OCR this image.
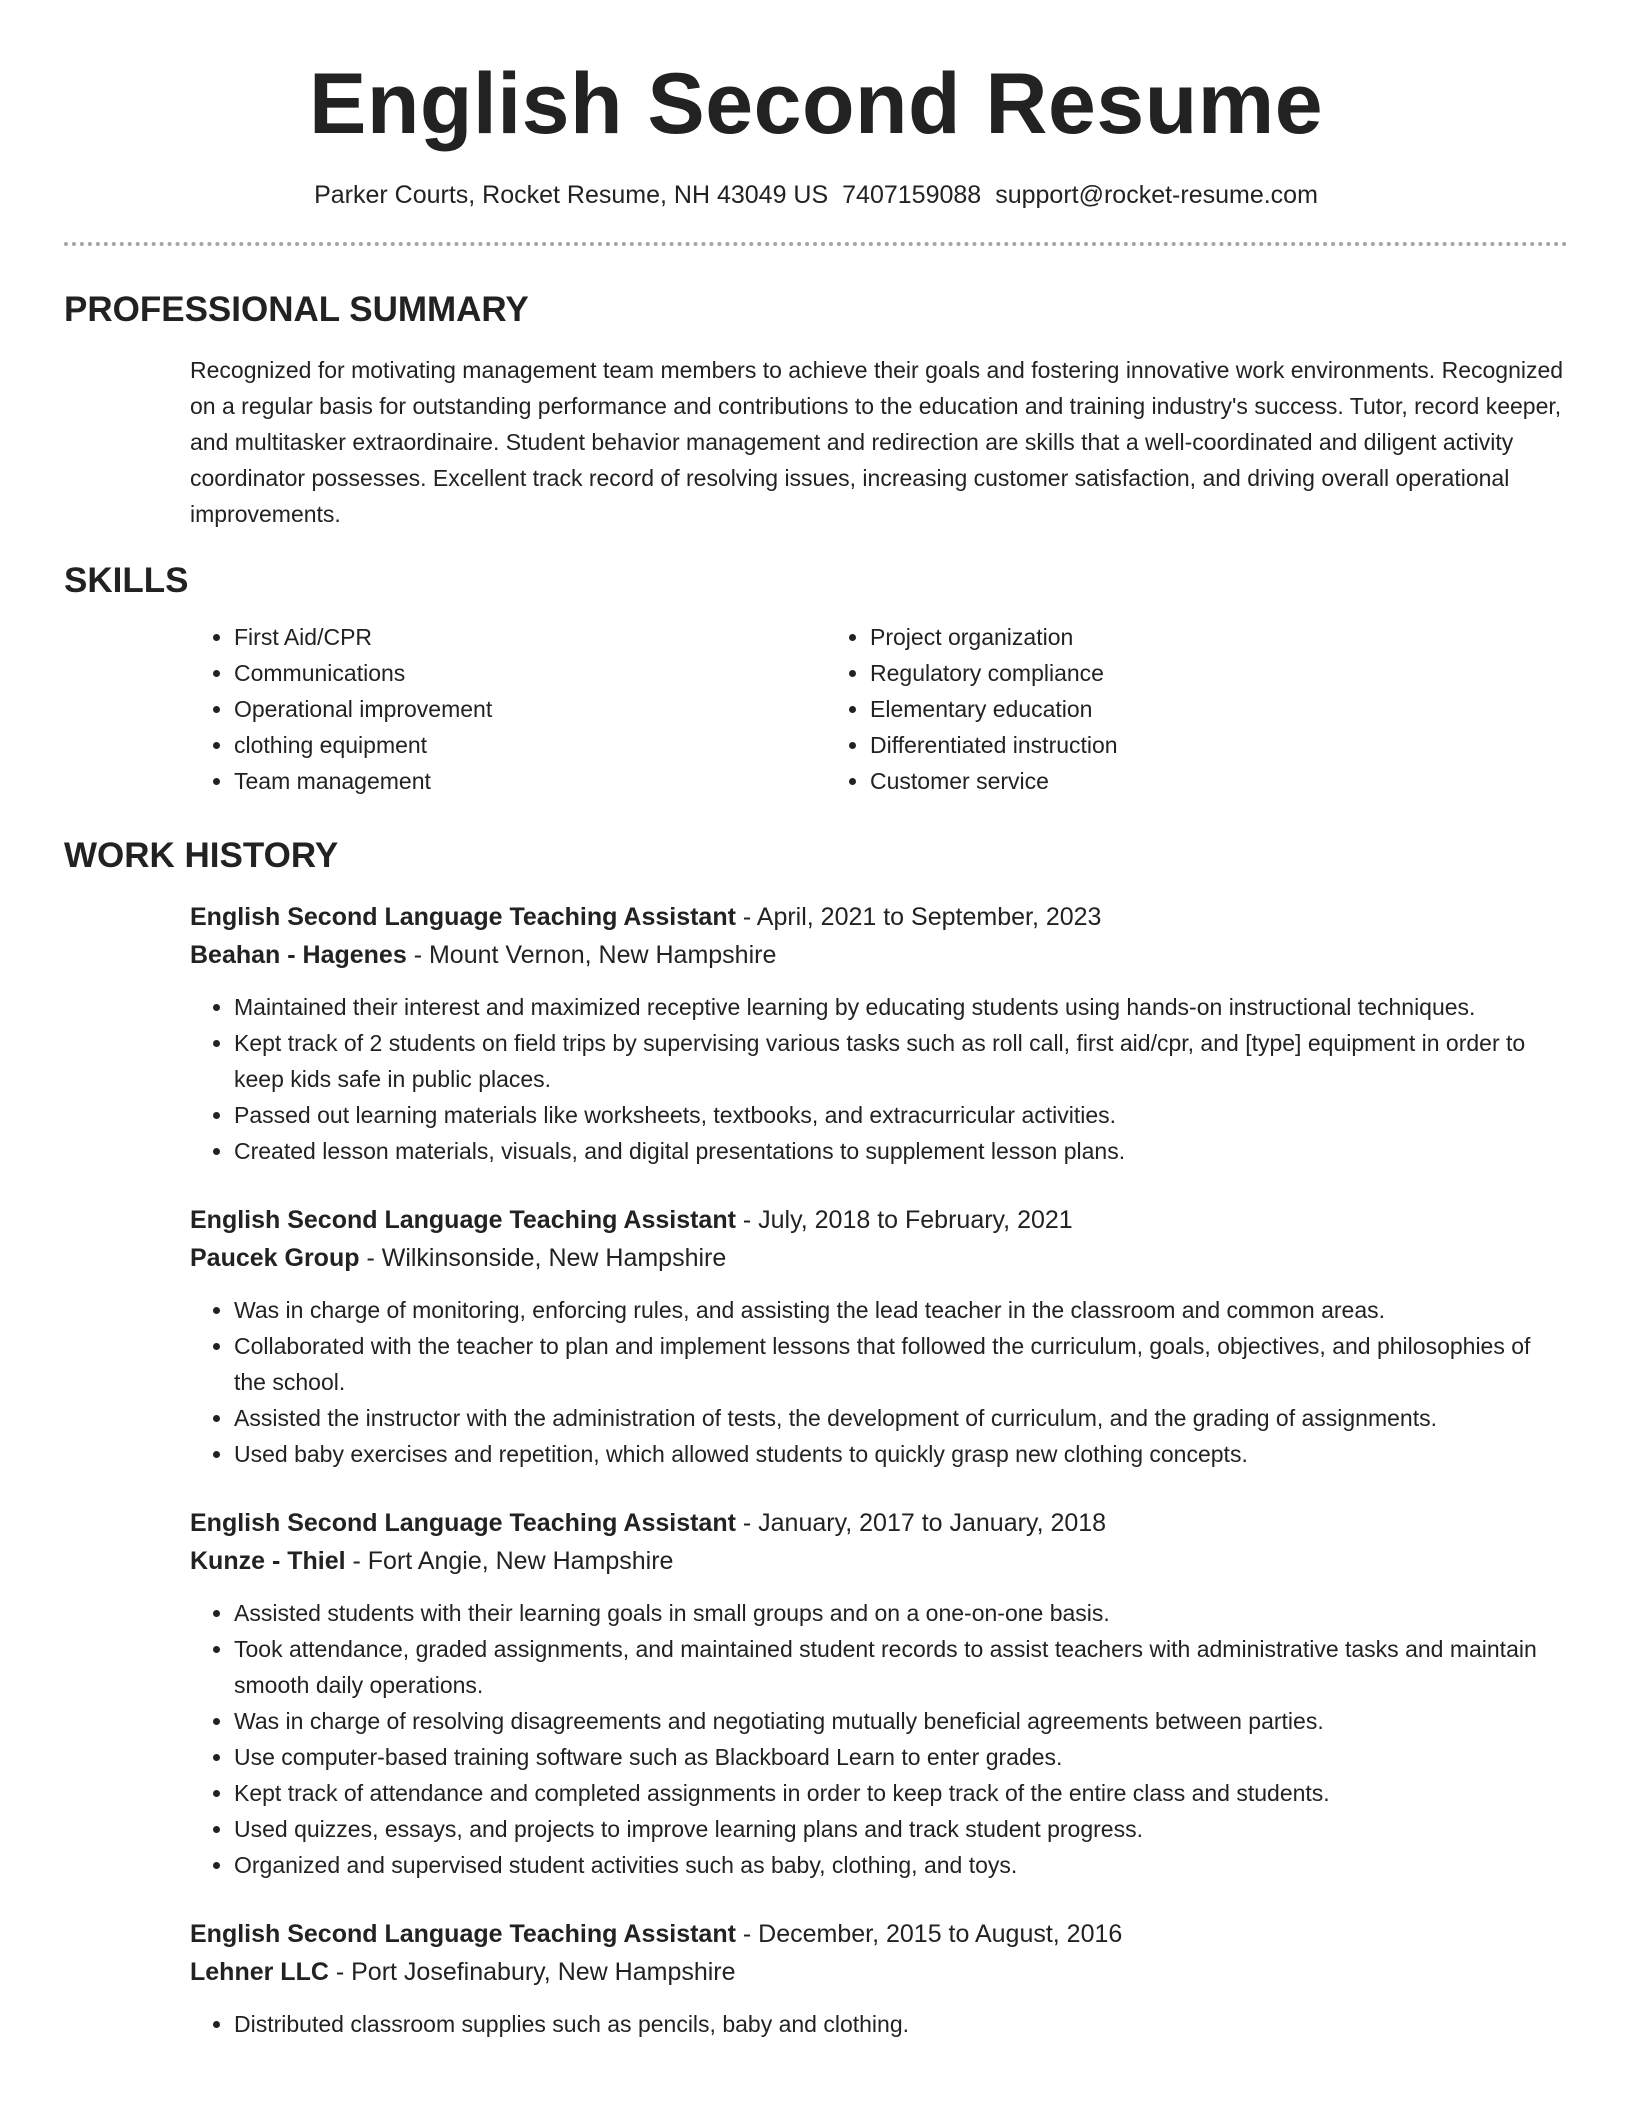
English Second Resume
Parker Courts, Rocket Resume, NH 43049 US 7407159088 support@rocket-resume.com
PROFESSIONAL SUMMARY

Recognized for motivating management team members to achieve their goals and fostering innovative work environments. Recognized on a regular basis for outstanding performance and contributions to the education and training industry's success. Tutor, record keeper, and multitasker extraordinaire. Student behavior management and redirection are skills that a well-coordinated and diligent activity coordinator possesses. Excellent track record of resolving issues, increasing customer satisfaction, and driving overall operational improvements.

SKILLS
• First Aid/CPR
• Communications
• Operational improvement
• clothing equipment
• Team management
• Project organization
• Regulatory compliance
• Elementary education
• Differentiated instruction
• Customer service
WORK HISTORY
English Second Language Teaching Assistant - April, 2021 to September, 2023
Beahan - Hagenes - Mount Vernon, New Hampshire
• Maintained their interest and maximized receptive learning by educating students using hands-on instructional techniques.
• Kept track of 2 students on field trips by supervising various tasks such as roll call, first aid/cpr, and [type] equipment in order to keep kids safe in public places.
• Passed out learning materials like worksheets, textbooks, and extracurricular activities.
• Created lesson materials, visuals, and digital presentations to supplement lesson plans.
English Second Language Teaching Assistant - July, 2018 to February, 2021
Paucek Group - Wilkinsonside, New Hampshire
• Was in charge of monitoring, enforcing rules, and assisting the lead teacher in the classroom and common areas.
• Collaborated with the teacher to plan and implement lessons that followed the curriculum, goals, objectives, and philosophies of the school.
• Assisted the instructor with the administration of tests, the development of curriculum, and the grading of assignments.
• Used baby exercises and repetition, which allowed students to quickly grasp new clothing concepts.
English Second Language Teaching Assistant - January, 2017 to January, 2018
Kunze - Thiel - Fort Angie, New Hampshire
• Assisted students with their learning goals in small groups and on a one-on-one basis.
• Took attendance, graded assignments, and maintained student records to assist teachers with administrative tasks and maintain smooth daily operations.
• Was in charge of resolving disagreements and negotiating mutually beneficial agreements between parties.
• Use computer-based training software such as Blackboard Learn to enter grades.
• Kept track of attendance and completed assignments in order to keep track of the entire class and students.
• Used quizzes, essays, and projects to improve learning plans and track student progress.
• Organized and supervised student activities such as baby, clothing, and toys.
English Second Language Teaching Assistant - December, 2015 to August, 2016
Lehner LLC - Port Josefinabury, New Hampshire
• Distributed classroom supplies such as pencils, baby and clothing.
